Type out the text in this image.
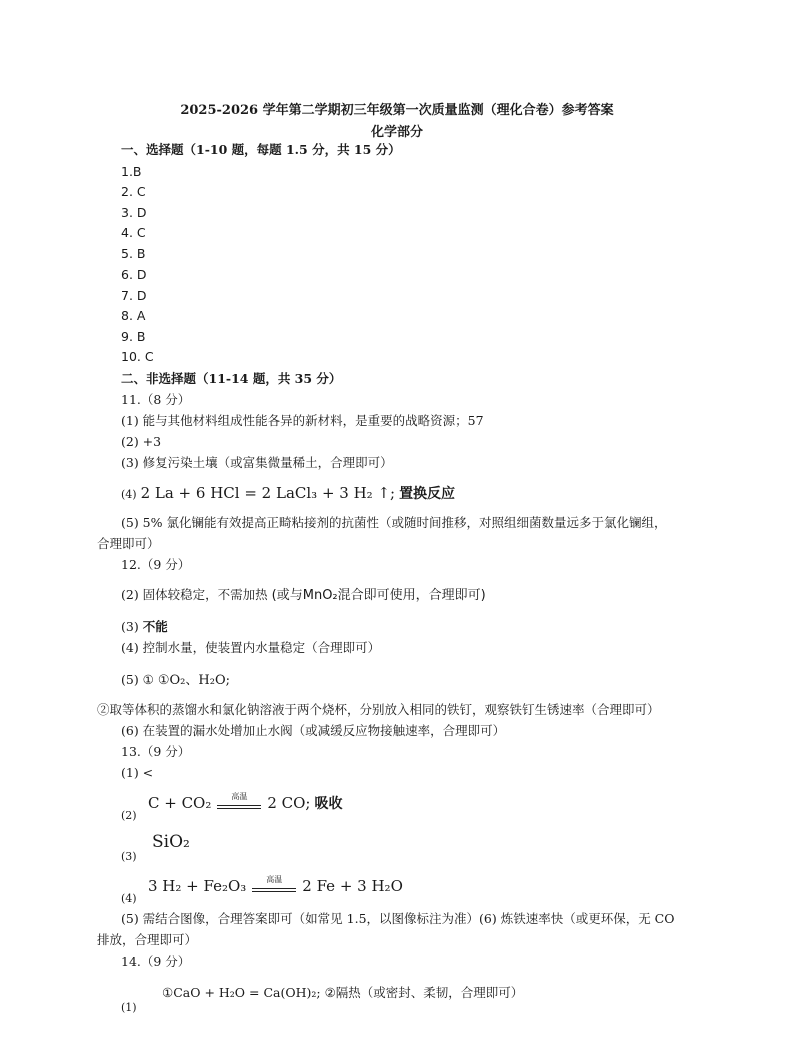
2025-2026 学年第二学期初三年级第一次质量监测（理化合卷）参考答案
化学部分
一、选择题（1-10 题，每题 1.5 分，共 15 分）
1.B
2. C
3. D
4. C
5. B
6. D
7. D
8. A
9. B
10. C
二、非选择题（11-14 题，共 35 分）
11.（8 分）
(1) 能与其他材料组成性能各异的新材料，是重要的战略资源；57
(2) +3
(3) 修复污染土壤（或富集微量稀土，合理即可）
(4) 2 La + 6 HCl = 2 LaCl₃ + 3 H₂ ↑; 置换反应
(5) 5% 氯化镧能有效提高正畸粘接剂的抗菌性（或随时间推移，对照组细菌数量远多于氯化镧组，
合理即可）
12.（9 分）
(2) 固体较稳定，不需加热 (或与MnO₂混合即可使用，合理即可)
(3) 不能
(4) 控制水量，使装置内水量稳定（合理即可）
(5) ① ①O₂、H₂O;
②取等体积的蒸馏水和氯化钠溶液于两个烧杯，分别放入相同的铁钉，观察铁钉生锈速率（合理即可）
(6) 在装置的漏水处增加止水阀（或减缓反应物接触速率，合理即可）
13.（9 分）
(1) <
C + CO₂	高温	2 CO; 吸收
(2)
SiO₂
(3)
3 H₂ + Fe₂O₃	高温	2 Fe + 3 H₂O
(4)
(5) 需结合图像，合理答案即可（如常见 1.5，以图像标注为准）(6) 炼铁速率快（或更环保，无 CO
排放，合理即可）
14.（9 分）
①CaO + H₂O = Ca(OH)₂; ②隔热（或密封、柔韧，合理即可）
(1)
